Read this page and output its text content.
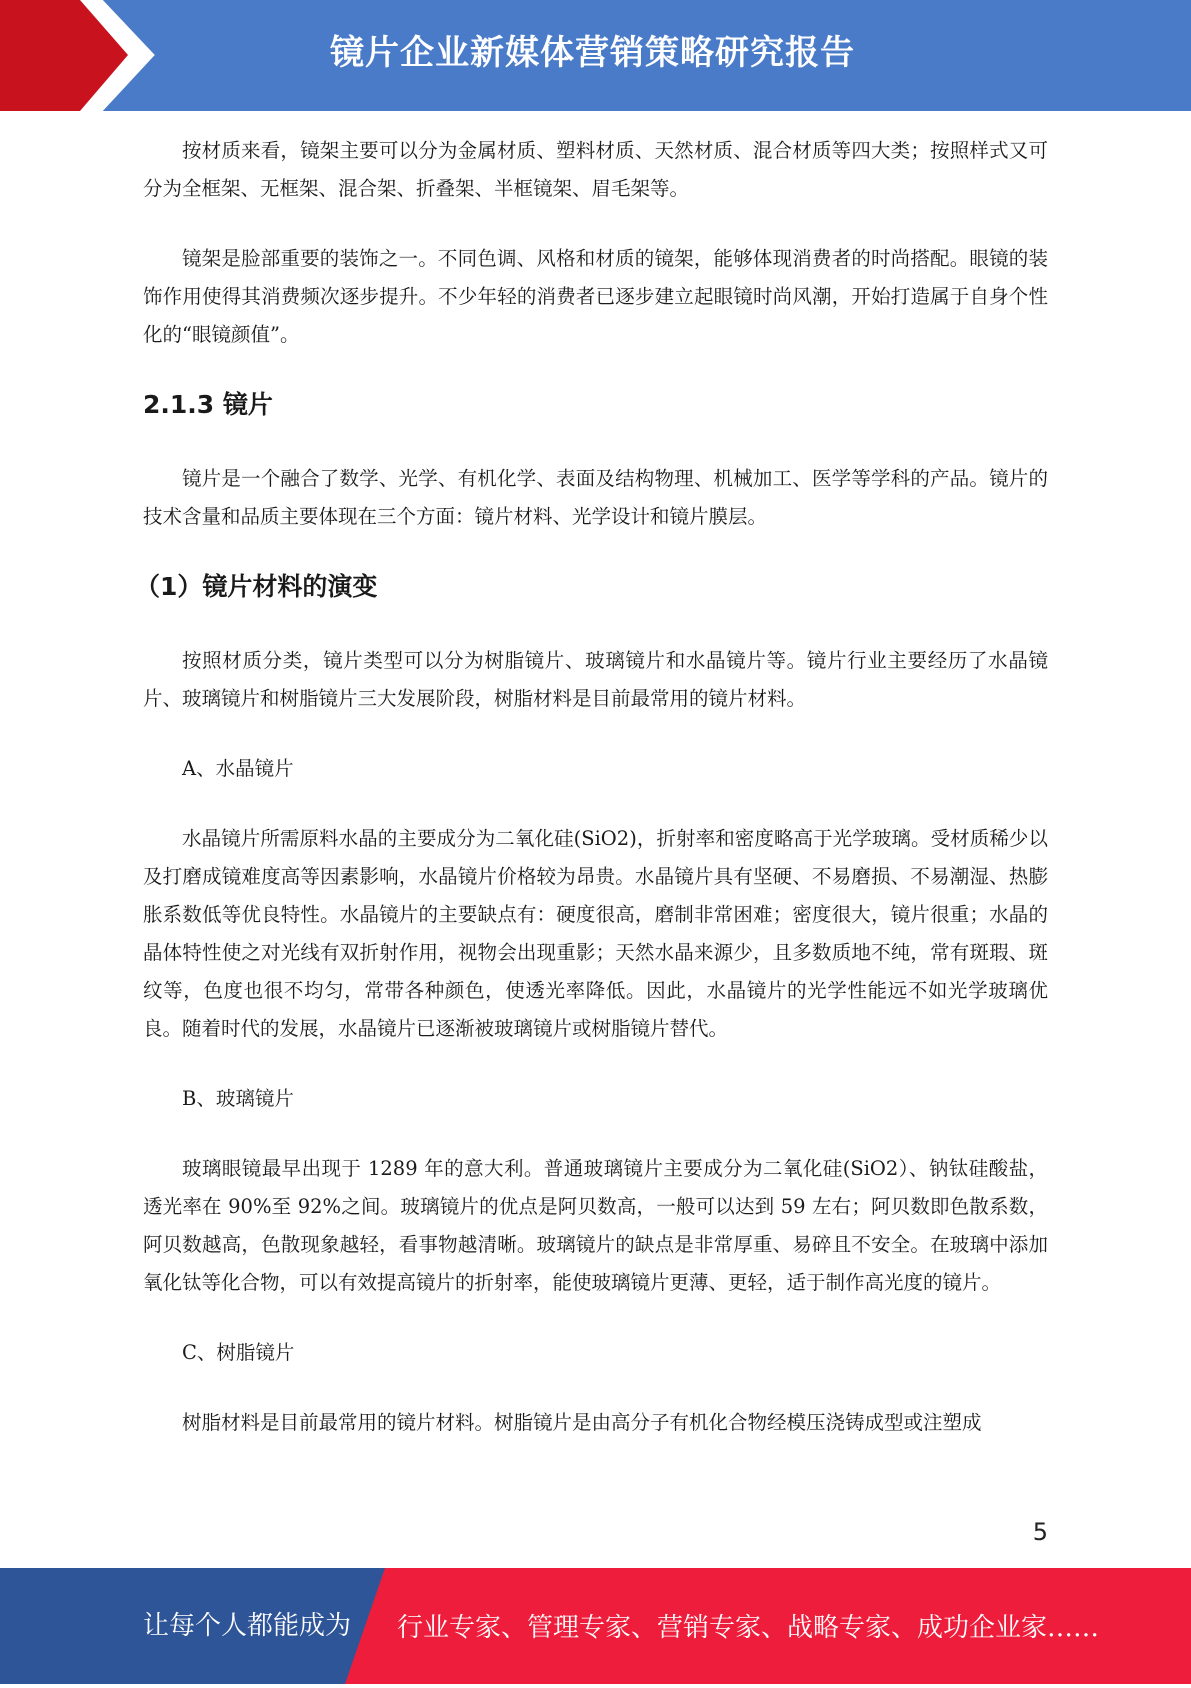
镜片企业新媒体营销策略研究报告

按材质来看，镜架主要可以分为金属材质、塑料材质、天然材质、混合材质等四大类；按照样式又可分为全框架、无框架、混合架、折叠架、半框镜架、眉毛架等。

镜架是脸部重要的装饰之一。不同色调、风格和材质的镜架，能够体现消费者的时尚搭配。眼镜的装饰作用使得其消费频次逐步提升。不少年轻的消费者已逐步建立起眼镜时尚风潮，开始打造属于自身个性化的“眼镜颜值”。

2.1.3 镜片

镜片是一个融合了数学、光学、有机化学、表面及结构物理、机械加工、医学等学科的产品。镜片的技术含量和品质主要体现在三个方面：镜片材料、光学设计和镜片膜层。

（1）镜片材料的演变

按照材质分类，镜片类型可以分为树脂镜片、玻璃镜片和水晶镜片等。镜片行业主要经历了水晶镜片、玻璃镜片和树脂镜片三大发展阶段，树脂材料是目前最常用的镜片材料。

A、水晶镜片

水晶镜片所需原料水晶的主要成分为二氧化硅(SiO2)，折射率和密度略高于光学玻璃。受材质稀少以及打磨成镜难度高等因素影响，水晶镜片价格较为昂贵。水晶镜片具有坚硬、不易磨损、不易潮湿、热膨胀系数低等优良特性。水晶镜片的主要缺点有：硬度很高，磨制非常困难；密度很大，镜片很重；水晶的晶体特性使之对光线有双折射作用，视物会出现重影；天然水晶来源少，且多数质地不纯，常有斑瑕、斑纹等，色度也很不均匀，常带各种颜色，使透光率降低。因此，水晶镜片的光学性能远不如光学玻璃优良。随着时代的发展，水晶镜片已逐渐被玻璃镜片或树脂镜片替代。

B、玻璃镜片

玻璃眼镜最早出现于 1289 年的意大利。普通玻璃镜片主要成分为二氧化硅(SiO2）、钠钛硅酸盐，透光率在 90%至 92%之间。玻璃镜片的优点是阿贝数高，一般可以达到 59 左右；阿贝数即色散系数，阿贝数越高，色散现象越轻，看事物越清晰。玻璃镜片的缺点是非常厚重、易碎且不安全。在玻璃中添加氧化钛等化合物，可以有效提高镜片的折射率，能使玻璃镜片更薄、更轻，适于制作高光度的镜片。

C、树脂镜片

树脂材料是目前最常用的镜片材料。树脂镜片是由高分子有机化合物经模压浇铸成型或注塑成

5
让每个人都能成为 行业专家、管理专家、营销专家、战略专家、成功企业家……
